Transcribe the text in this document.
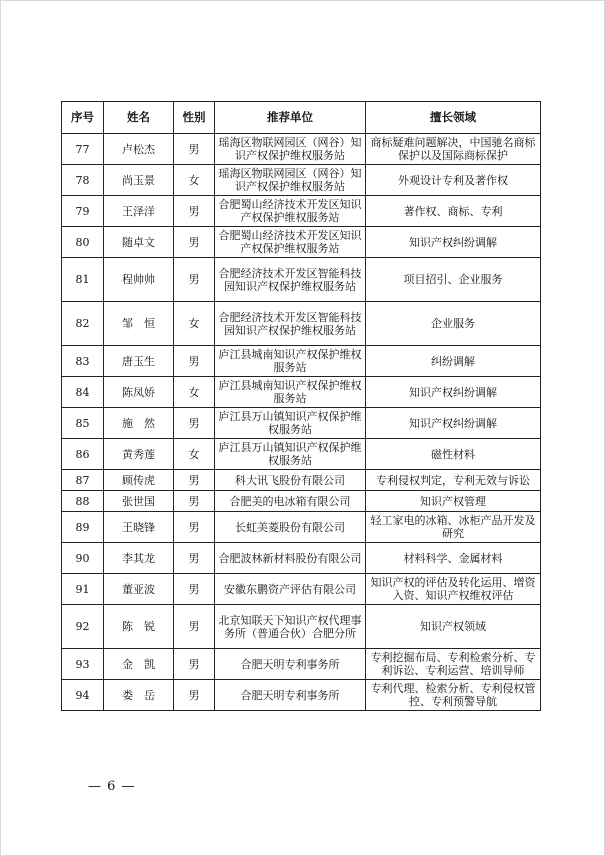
序号	姓名	性别	推荐单位	擅长领域
77	卢松杰	男	瑶海区物联网园区（网谷）知识产权保护维权服务站	商标疑难问题解决，中国驰名商标保护以及国际商标保护
78	尚玉景	女	瑶海区物联网园区（网谷）知识产权保护维权服务站	外观设计专利及著作权
79	王泽洋	男	合肥蜀山经济技术开发区知识产权保护维权服务站	著作权、商标、专利
80	随卓文	男	合肥蜀山经济技术开发区知识产权保护维权服务站	知识产权纠纷调解
81	程帅帅	男	合肥经济技术开发区智能科技园知识产权保护维权服务站	项目招引、企业服务
82	邹　恒	女	合肥经济技术开发区智能科技园知识产权保护维权服务站	企业服务
83	唐玉生	男	庐江县城南知识产权保护维权服务站	纠纷调解
84	陈凤娇	女	庐江县城南知识产权保护维权服务站	知识产权纠纷调解
85	施　然	男	庐江县万山镇知识产权保护维权服务站	知识产权纠纷调解
86	黄秀莲	女	庐江县万山镇知识产权保护维权服务站	磁性材料
87	顾传虎	男	科大讯飞股份有限公司	专利侵权判定，专利无效与诉讼
88	张世国	男	合肥美的电冰箱有限公司	知识产权管理
89	王晓锋	男	长虹美菱股份有限公司	轻工家电的冰箱、冰柜产品开发及研究
90	李其龙	男	合肥波林新材料股份有限公司	材料科学、金属材料
91	董亚波	男	安徽东鹏资产评估有限公司	知识产权的评估及转化运用、增资入资、知识产权维权评估
92	陈　锐	男	北京知联天下知识产权代理事务所（普通合伙）合肥分所	知识产权领域
93	金　凯	男	合肥天明专利事务所	专利挖掘布局、专利检索分析、专利诉讼、专利运营、培训导师
94	娄　岳	男	合肥天明专利事务所	专利代理、检索分析、专利侵权管控、专利预警导航
— 6 —
